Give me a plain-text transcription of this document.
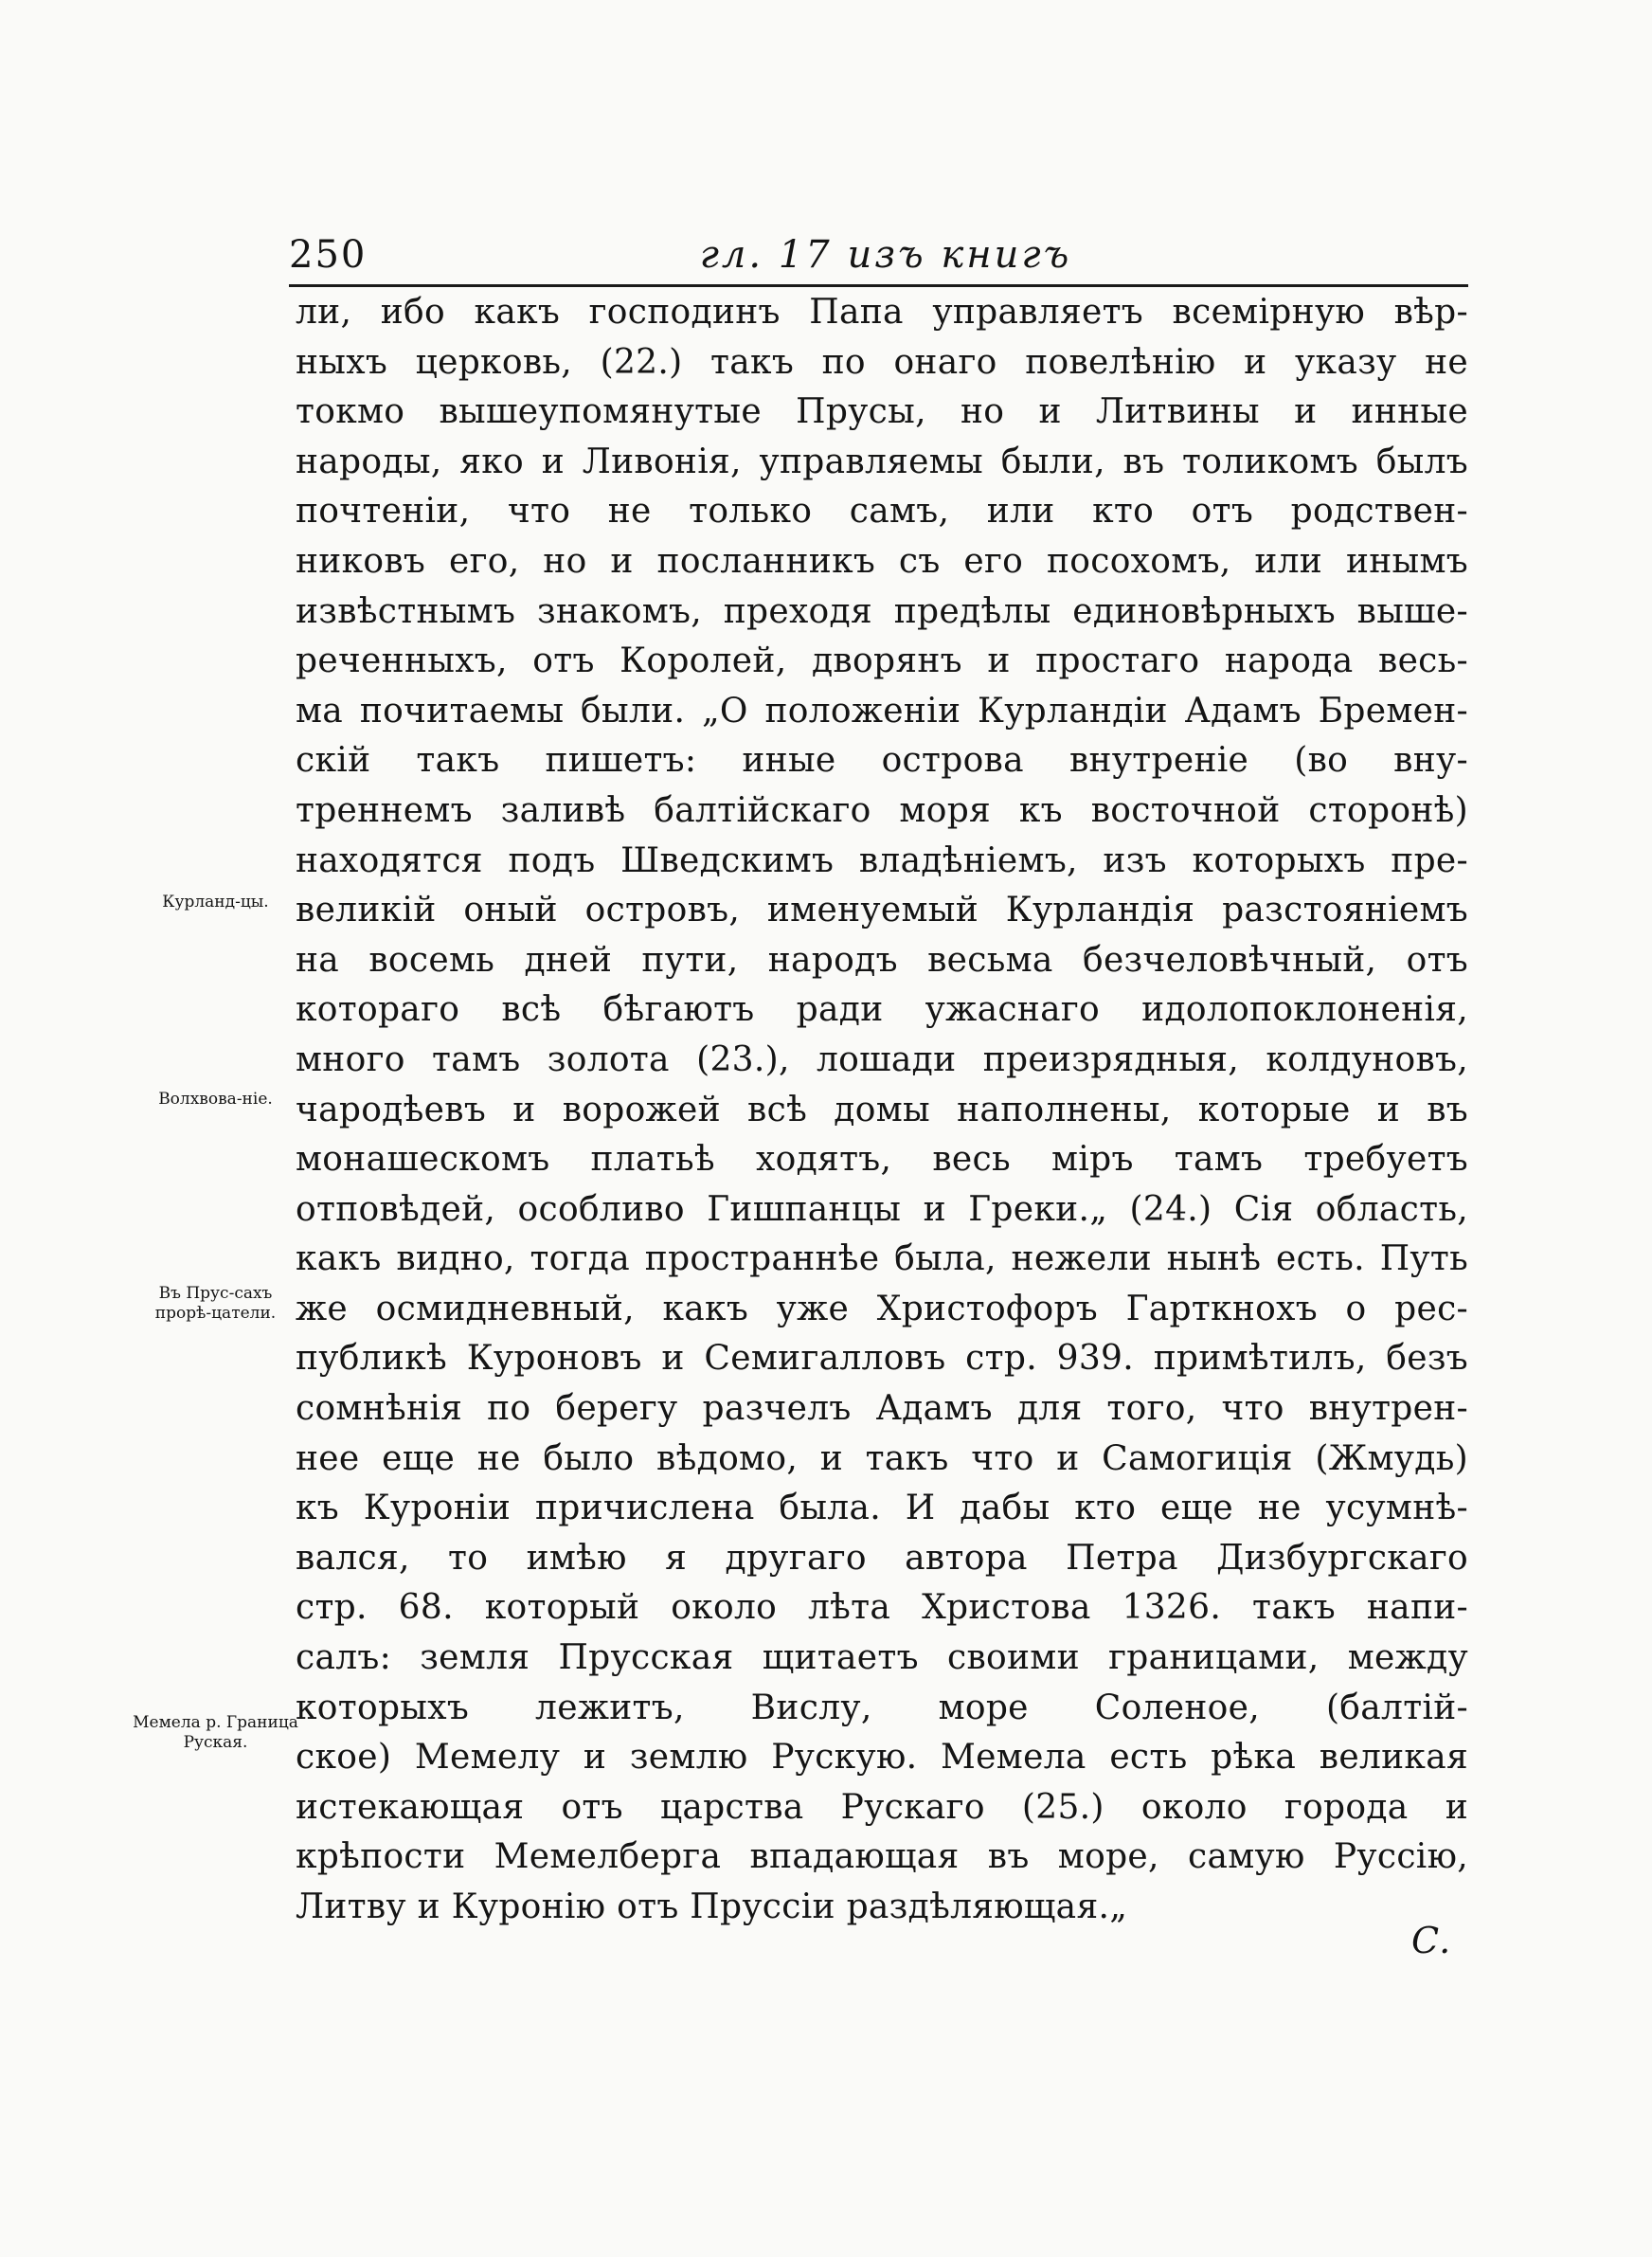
250	гл. 17 изъ книгъ
ли, ибо какъ господинъ Папа управляетъ всемiрную вѣр-
ныхъ церковь, (22.) такъ по онаго повелѣнiю и указу не
токмо вышеупомянутые Прусы, но и Литвины и инные
народы, яко и Ливонiя, управляемы были, въ толикомъ былъ
почтенiи, что не только самъ, или кто отъ родствен-
никовъ его, но и посланникъ съ его посохомъ, или инымъ
извѣстнымъ знакомъ, преходя предѣлы единовѣрныхъ выше-
реченныхъ, отъ Королей, дворянъ и простаго народа весь-
ма почитаемы были. „О положенiи Курландiи Адамъ Бремен-
скiй такъ пишетъ: иные острова внутренiе (во вну-
треннемъ заливѣ балтiйскаго моря къ восточной сторонѣ)
находятся подъ Шведскимъ владѣнiемъ, изъ которыхъ пре-
великiй оный островъ, именуемый Курландiя разстоянiемъ
на восемь дней пути, народъ весьма безчеловѣчный, отъ
котораго всѣ бѣгаютъ ради ужаснаго идолопоклоненiя,
много тамъ золота (23.), лошади преизрядныя, колдуновъ,
чародѣевъ и ворожей всѣ домы наполнены, которые и въ
монашескомъ платьѣ ходятъ, весь мiръ тамъ требуетъ
отповѣдей, особливо Гишпанцы и Греки.„ (24.) Сiя область,
какъ видно, тогда пространнѣе была, нежели нынѣ есть. Путь
же осмидневный, какъ уже Христофоръ Гарткнохъ о рес-
публикѣ Куроновъ и Семигалловъ стр. 939. примѣтилъ, безъ
сомнѣнiя по берегу разчелъ Адамъ для того, что внутрен-
нее еще не было вѣдомо, и такъ что и Самогицiя (Жмудь)
къ Куронiи причислена была. И дабы кто еще не усумнѣ-
вался, то имѣю я другаго автора Петра Дизбургскаго
стр. 68. который около лѣта Христова 1326. такъ напи-
салъ: земля Прусская щитаетъ своими границами, между
которыхъ лежитъ, Вислу, море Соленое, (балтiй-
ское) Мемелу и землю Рускую. Мемела есть рѣка великая
истекающая отъ царства Рускаго (25.) около города и
крѣпости Мемелберга впадающая въ море, самую Руссiю,
Литву и Куронiю отъ Пруссiи раздѣляющая.„
Курланд-цы.
Волхвова-нiе.
Въ Прус-сахъ прорѣ-цатели.
Мемела р. Граница Руская.
С.
